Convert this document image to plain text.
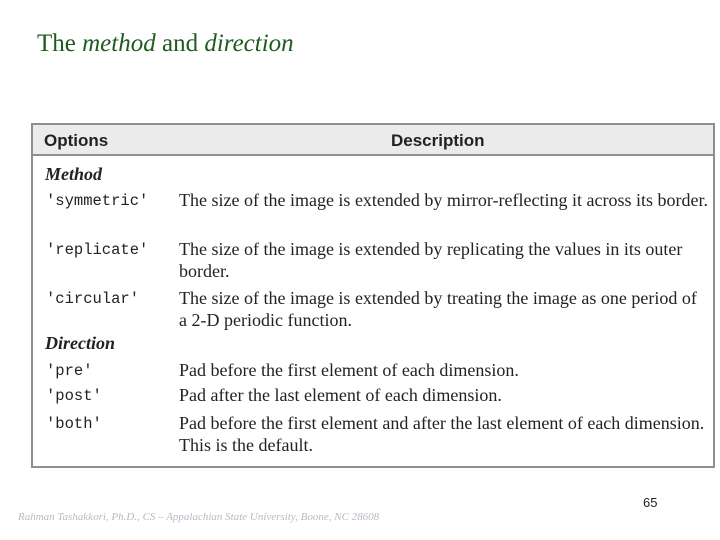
The method and direction
Options	Description
Method
'symmetric' The size of the image is extended by mirror-reflecting it across its border.
'replicate' The size of the image is extended by replicating the values in its outer border.
'circular' The size of the image is extended by treating the image as one period of a 2-D periodic function.
Direction
'pre'	Pad before the first element of each dimension.
'post'	Pad after the last element of each dimension.
'both'	Pad before the first element and after the last element of each dimension. This is the default.
65
Rahman Tashakkori, Ph.D., CS – Appalachian State University, Boone, NC 28608
